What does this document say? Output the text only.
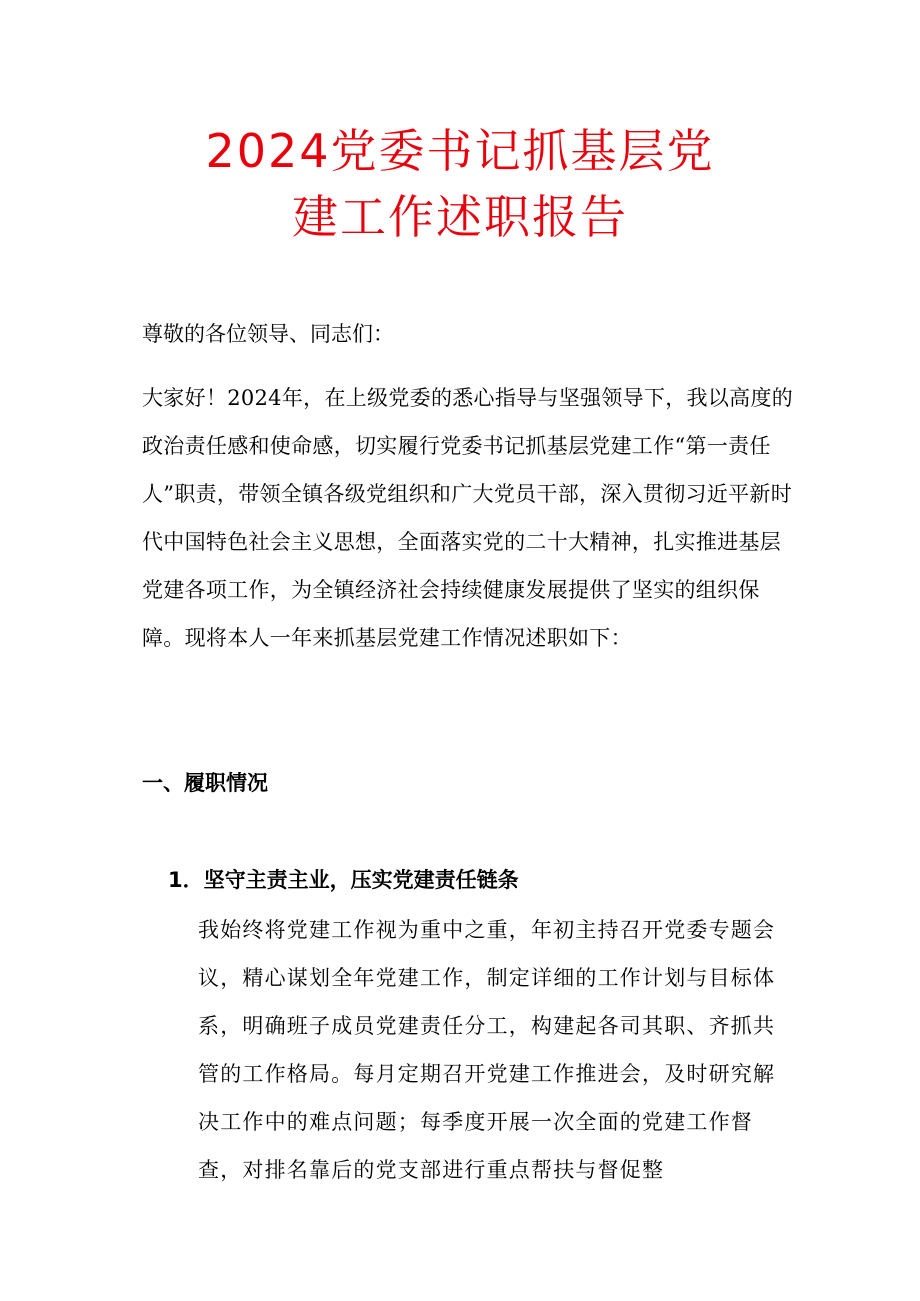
2024党委书记抓基层党
建工作述职报告

尊敬的各位领导、同志们：

大家好！2024年，在上级党委的悉心指导与坚强领导下，我以高度的政治责任感和使命感，切实履行党委书记抓基层党建工作“第一责任人”职责，带领全镇各级党组织和广大党员干部，深入贯彻习近平新时代中国特色社会主义思想，全面落实党的二十大精神，扎实推进基层党建各项工作，为全镇经济社会持续健康发展提供了坚实的组织保障。现将本人一年来抓基层党建工作情况述职如下：

一、履职情况
1．坚守主责主业，压实党建责任链条

我始终将党建工作视为重中之重，年初主持召开党委专题会议，精心谋划全年党建工作，制定详细的工作计划与目标体系，明确班子成员党建责任分工，构建起各司其职、齐抓共管的工作格局。每月定期召开党建工作推进会，及时研究解决工作中的难点问题；每季度开展一次全面的党建工作督查，对排名靠后的党支部进行重点帮扶与督促整
